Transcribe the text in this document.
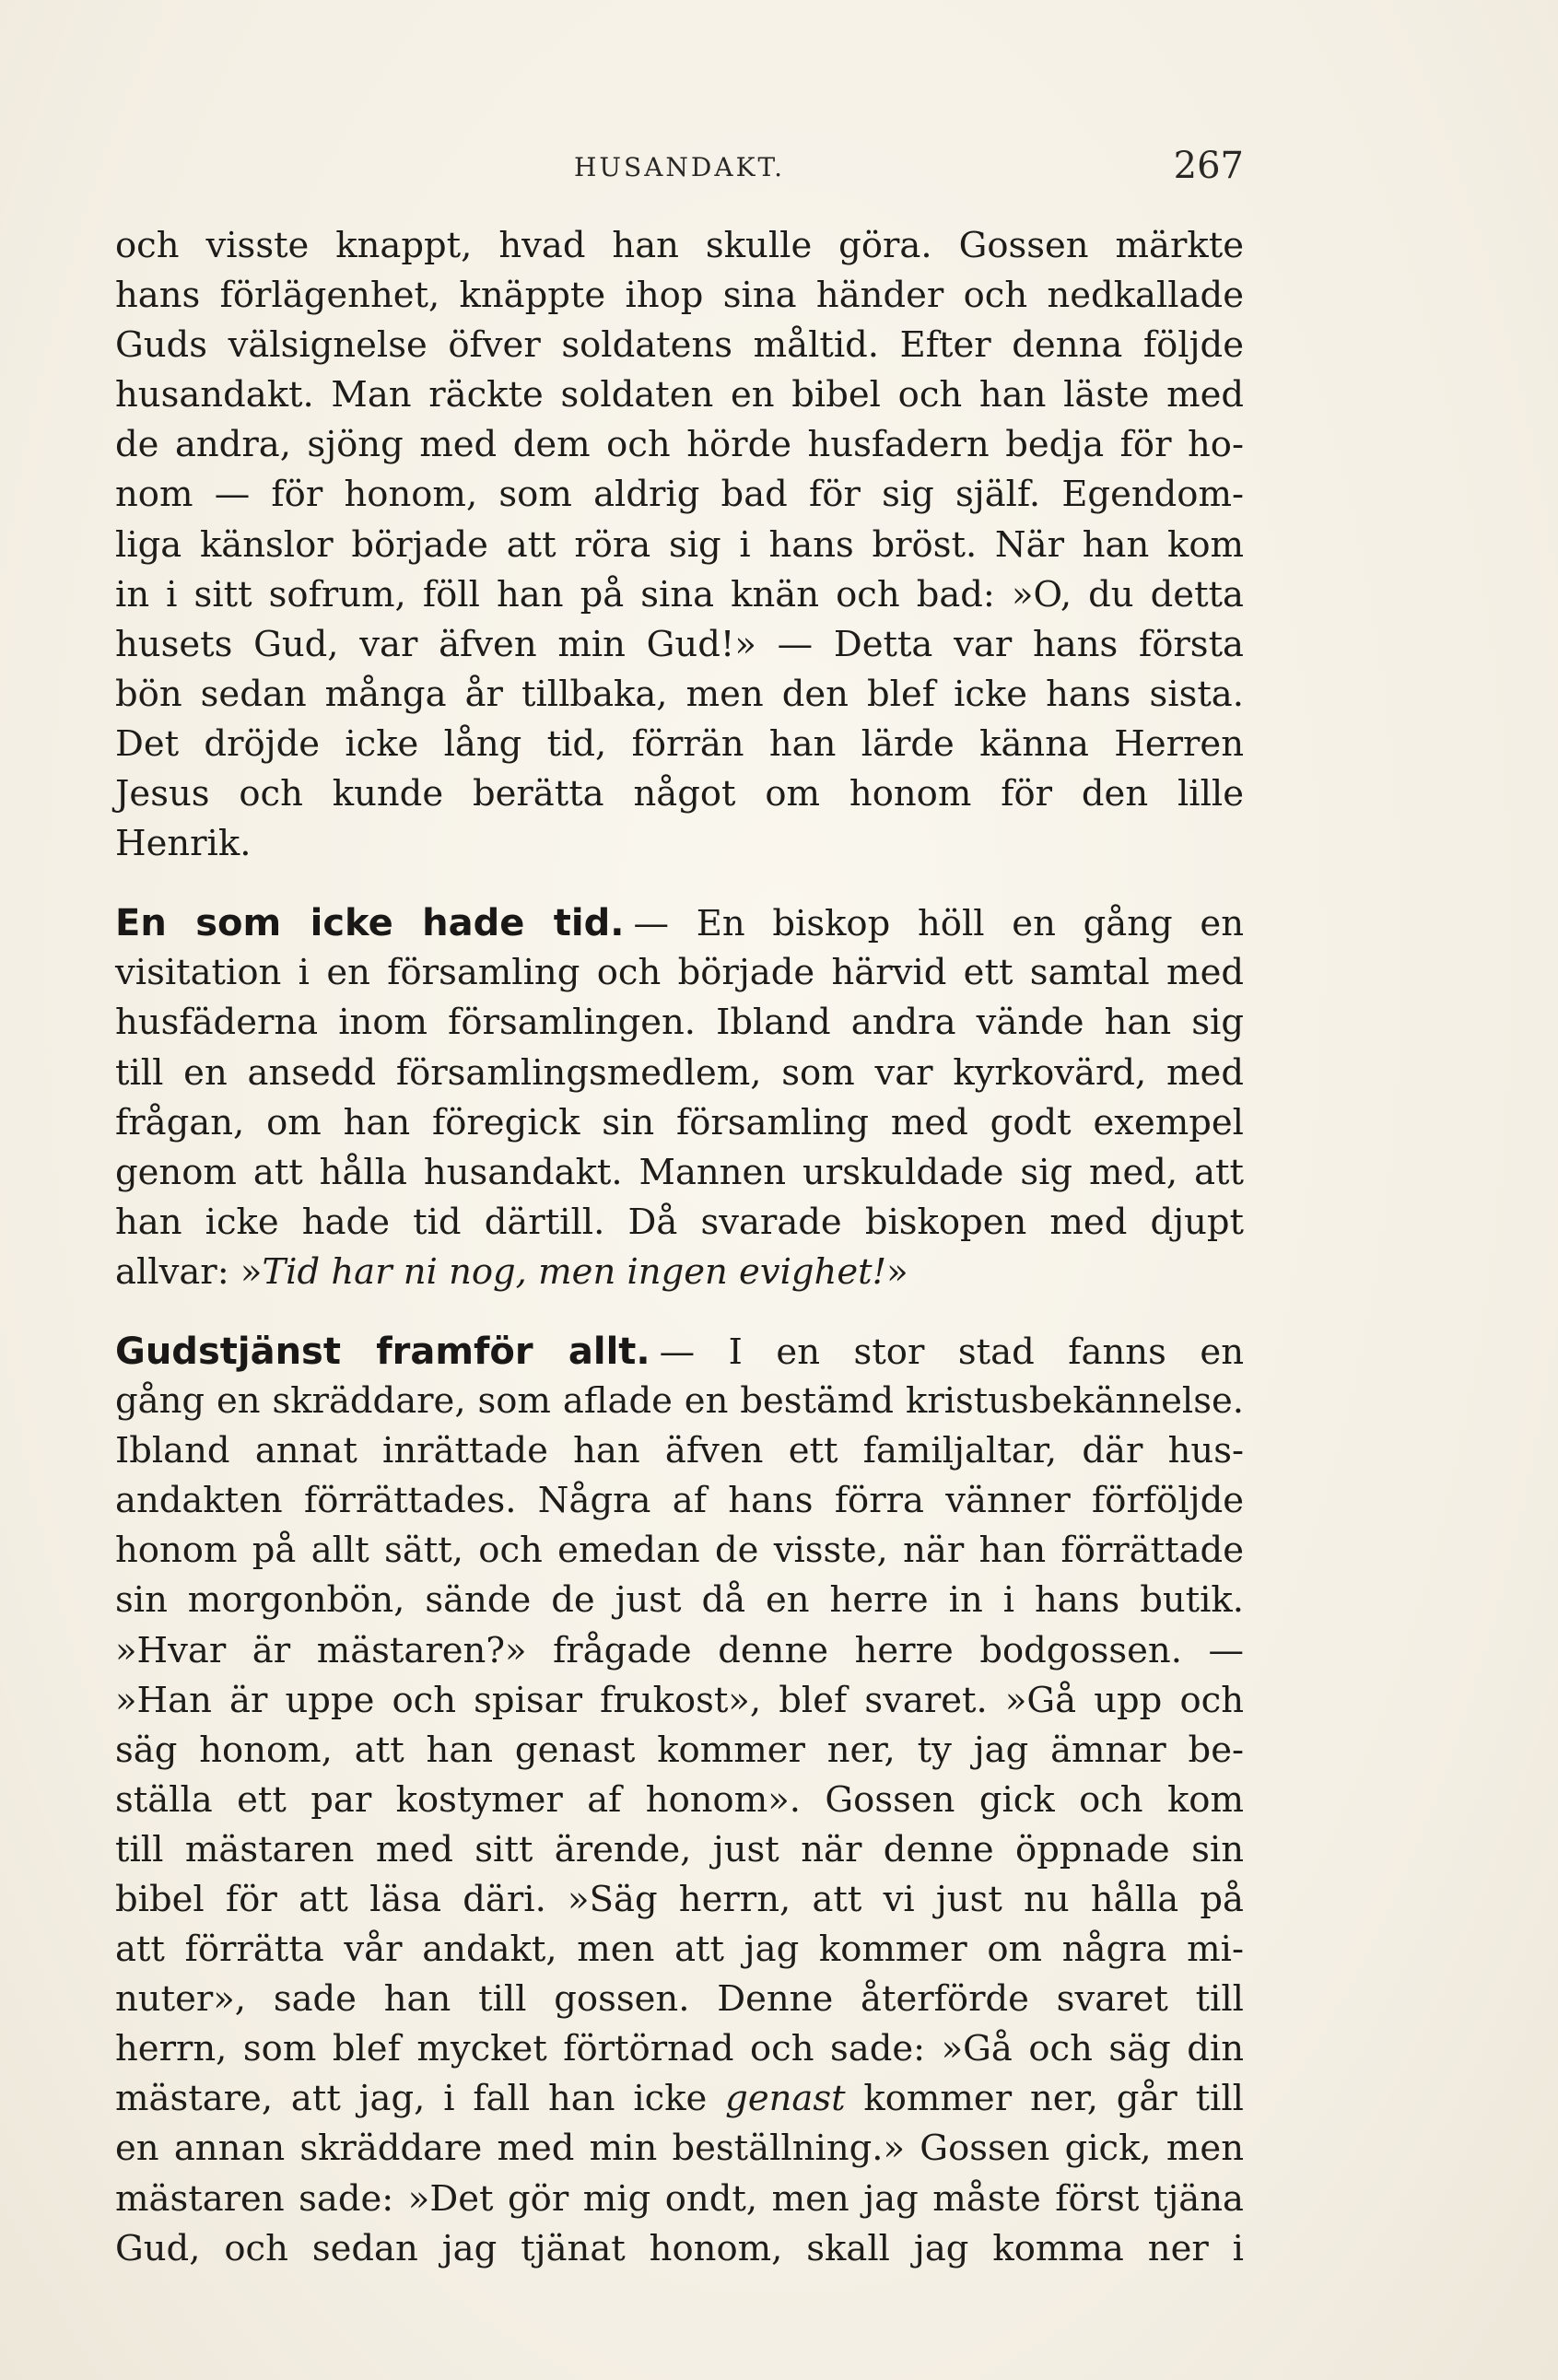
HUSANDAKT.	267
och visste knappt, hvad han skulle göra. Gossen märkte
hans förlägenhet, knäppte ihop sina händer och nedkallade
Guds välsignelse öfver soldatens måltid. Efter denna följde
husandakt. Man räckte soldaten en bibel och han läste med
de andra, sjöng med dem och hörde husfadern bedja för ho-
nom — för honom, som aldrig bad för sig själf. Egendom-
liga känslor började att röra sig i hans bröst. När han kom
in i sitt sofrum, föll han på sina knän och bad: »O, du detta
husets Gud, var äfven min Gud!» — Detta var hans första
bön sedan många år tillbaka, men den blef icke hans sista.
Det dröjde icke lång tid, förrän han lärde känna Herren
Jesus och kunde berätta något om honom för den lille
Henrik.
En som icke hade tid. — En biskop höll en gång en
visitation i en församling och började härvid ett samtal med
husfäderna inom församlingen. Ibland andra vände han sig
till en ansedd församlingsmedlem, som var kyrkovärd, med
frågan, om han föregick sin församling med godt exempel
genom att hålla husandakt. Mannen urskuldade sig med, att
han icke hade tid därtill. Då svarade biskopen med djupt
allvar: »Tid har ni nog, men ingen evighet!»
Gudstjänst framför allt. — I en stor stad fanns en
gång en skräddare, som aflade en bestämd kristusbekännelse.
Ibland annat inrättade han äfven ett familjaltar, där hus-
andakten förrättades. Några af hans förra vänner förföljde
honom på allt sätt, och emedan de visste, när han förrättade
sin morgonbön, sände de just då en herre in i hans butik.
»Hvar är mästaren?» frågade denne herre bodgossen. —
»Han är uppe och spisar frukost», blef svaret. »Gå upp och
säg honom, att han genast kommer ner, ty jag ämnar be-
ställa ett par kostymer af honom». Gossen gick och kom
till mästaren med sitt ärende, just när denne öppnade sin
bibel för att läsa däri. »Säg herrn, att vi just nu hålla på
att förrätta vår andakt, men att jag kommer om några mi-
nuter», sade han till gossen. Denne återförde svaret till
herrn, som blef mycket förtörnad och sade: »Gå och säg din
mästare, att jag, i fall han icke genast kommer ner, går till
en annan skräddare med min beställning.» Gossen gick, men
mästaren sade: »Det gör mig ondt, men jag måste först tjäna
Gud, och sedan jag tjänat honom, skall jag komma ner i
